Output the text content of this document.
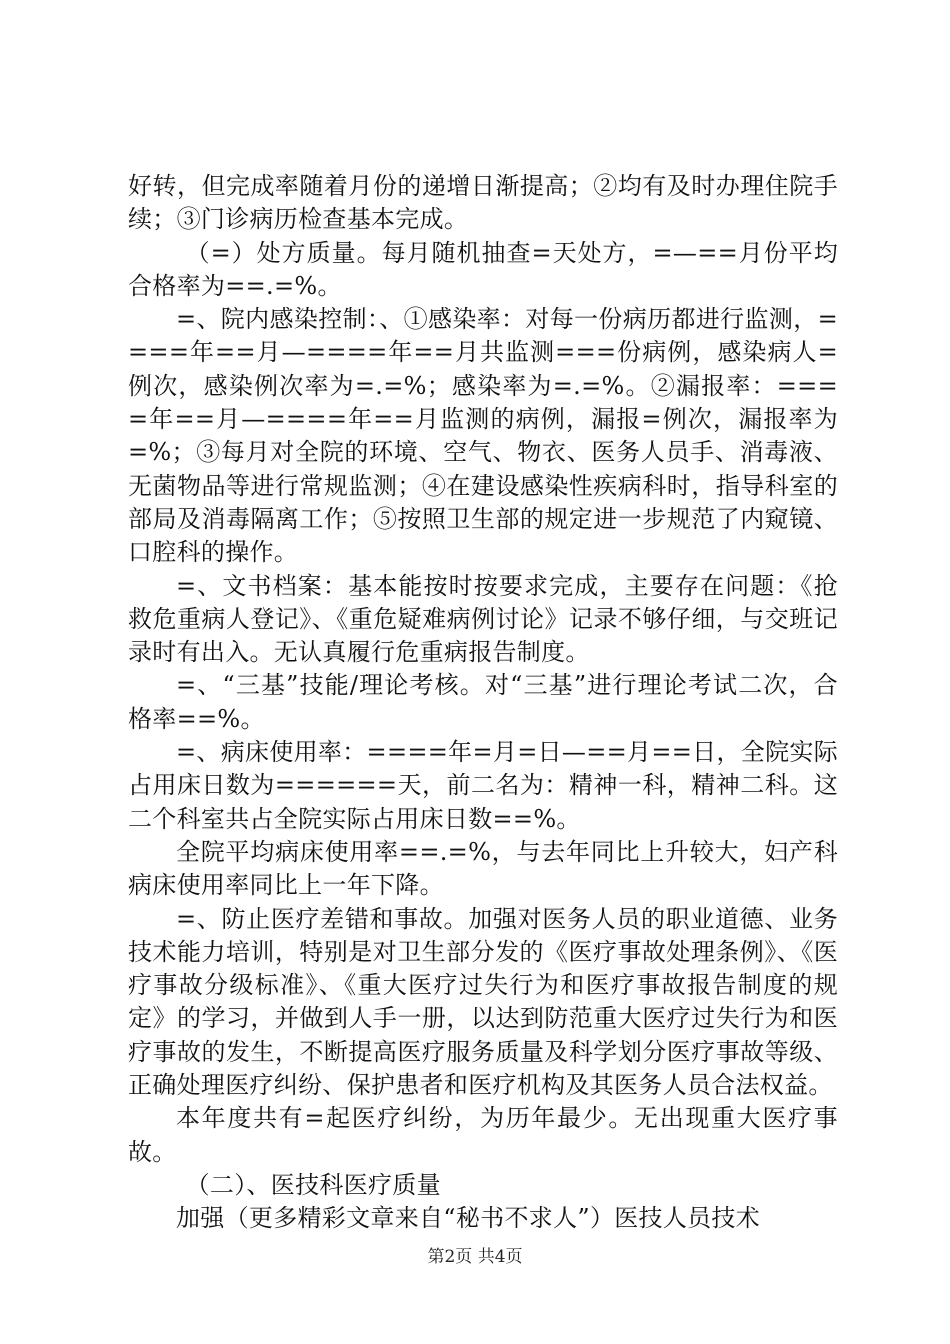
好转，但完成率随着月份的递增日渐提高；②均有及时办理住院手续；③门诊病历检查基本完成。

（=）处方质量。每月随机抽查=天处方，=—==月份平均合格率为==.=%。

=、院内感染控制：、①感染率：对每一份病历都进行监测，====年==月—====年==月共监测===份病例，感染病人=例次，感染例次率为=.=%；感染率为=.=%。②漏报率：====年==月—====年==月监测的病例，漏报=例次，漏报率为=%；③每月对全院的环境、空气、物衣、医务人员手、消毒液、无菌物品等进行常规监测；④在建设感染性疾病科时，指导科室的部局及消毒隔离工作；⑤按照卫生部的规定进一步规范了内窥镜、口腔科的操作。

=、文书档案：基本能按时按要求完成，主要存在问题：《抢救危重病人登记》、《重危疑难病例讨论》记录不够仔细，与交班记录时有出入。无认真履行危重病报告制度。

=、“三基”技能/理论考核。对“三基”进行理论考试二次，合格率==%。

=、病床使用率：====年=月=日—==月==日，全院实际占用床日数为======天，前二名为：精神一科，精神二科。这二个科室共占全院实际占用床日数==%。

全院平均病床使用率==.=%，与去年同比上升较大，妇产科病床使用率同比上一年下降。

=、防止医疗差错和事故。加强对医务人员的职业道德、业务技术能力培训，特别是对卫生部分发的《医疗事故处理条例》、《医疗事故分级标准》、《重大医疗过失行为和医疗事故报告制度的规定》的学习，并做到人手一册，以达到防范重大医疗过失行为和医疗事故的发生，不断提高医疗服务质量及科学划分医疗事故等级、正确处理医疗纠纷、保护患者和医疗机构及其医务人员合法权益。

本年度共有=起医疗纠纷，为历年最少。无出现重大医疗事故。

（二）、医技科医疗质量

加强（更多精彩文章来自“秘书不求人”）医技人员技术

第2页 共4页
